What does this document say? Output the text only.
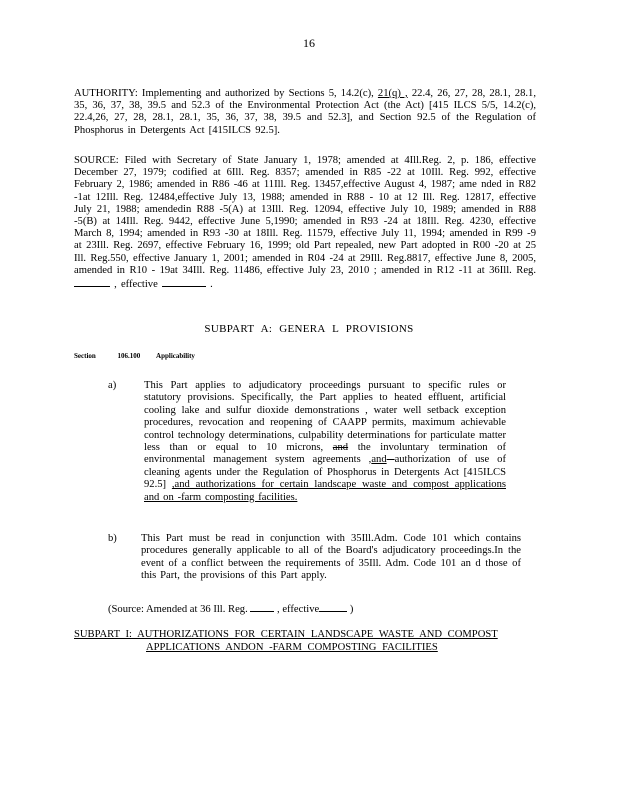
16
AUTHORITY: Implementing and authorized by Sections 5, 14.2(c), 21(q) , 22.4, 26, 27, 28, 28.1, 28.1, 35, 36, 37, 38, 39.5 and 52.3 of the Environmental Protection Act (the Act) [415 ILCS 5/5, 14.2(c), 22.4,26, 27, 28, 28.1, 28.1, 35, 36, 37, 38, 39.5 and 52.3], and Section 92.5 of the Regulation of Phosphorus in Detergents Act [415ILCS 92.5].
SOURCE: Filed with Secretary of State January 1, 1978; amended at 4Ill.Reg. 2, p. 186, effective December 27, 1979; codified at 6Ill. Reg. 8357; amended in R85 -22 at 10Ill. Reg. 992, effective February 2, 1986; amended in R86 -46 at 11Ill. Reg. 13457,effective August 4, 1987; ame nded in R82 -1at 12Ill. Reg. 12484,effective July 13, 1988; amended in R88 - 10 at 12 Ill. Reg. 12817, effective July 21, 1988; amendedin R88 -5(A) at 13Ill. Reg. 12094, effective July 10, 1989; amended in R88 -5(B) at 14Ill. Reg. 9442, effective June 5,1990; amended in R93 -24 at 18Ill. Reg. 4230, effective March 8, 1994; amended in R93 -30 at 18Ill. Reg. 11579, effective July 11, 1994; amended in R99 -9 at 23Ill. Reg. 2697, effective February 16, 1999; old Part repealed, new Part adopted in R00 -20 at 25 Ill. Reg.550, effective January 1, 2001; amended in R04 -24 at 29Ill. Reg.8817, effective June 8, 2005, amended in R10 - 19at 34Ill. Reg. 11486, effective July 23, 2010 ; amended in R12 -11 at 36Ill. Reg.  , effective	.
SUBPART A: GENERA L PROVISIONS
Section	106.100 Applicability
a)	This Part applies to adjudicatory proceedings pursuant to specific rules or statutory provisions. Specifically, the Part applies to heated effluent, artificial cooling lake and sulfur dioxide demonstrations , water well setback exception procedures, revocation and reopening of CAAPP permits, maximum achievable control technology determinations, culpability determinations for particulate matter less than or equal to 10 microns, and the involuntary termination of environmental management system agreements ,and authorization of use of cleaning agents under the Regulation of Phosphorus in Detergents Act [415ILCS 92.5] ,and authorizations for certain landscape waste and compost applications and on -farm composting facilities.
b) This Part must be read in conjunction with 35Ill.Adm. Code 101 which contains procedures generally applicable to all of the Board's adjudicatory proceedings.In the event of a conflict between the requirements of 35Ill. Adm. Code 101 an d those of this Part, the provisions of this Part apply.
(Source: Amended at 36 Ill. Reg.  , effective	)
SUBPART I: AUTHORIZATIONS FOR CERTAIN LANDSCAPE WASTE AND COMPOST
APPLICATIONS ANDON -FARM COMPOSTING FACILITIES
